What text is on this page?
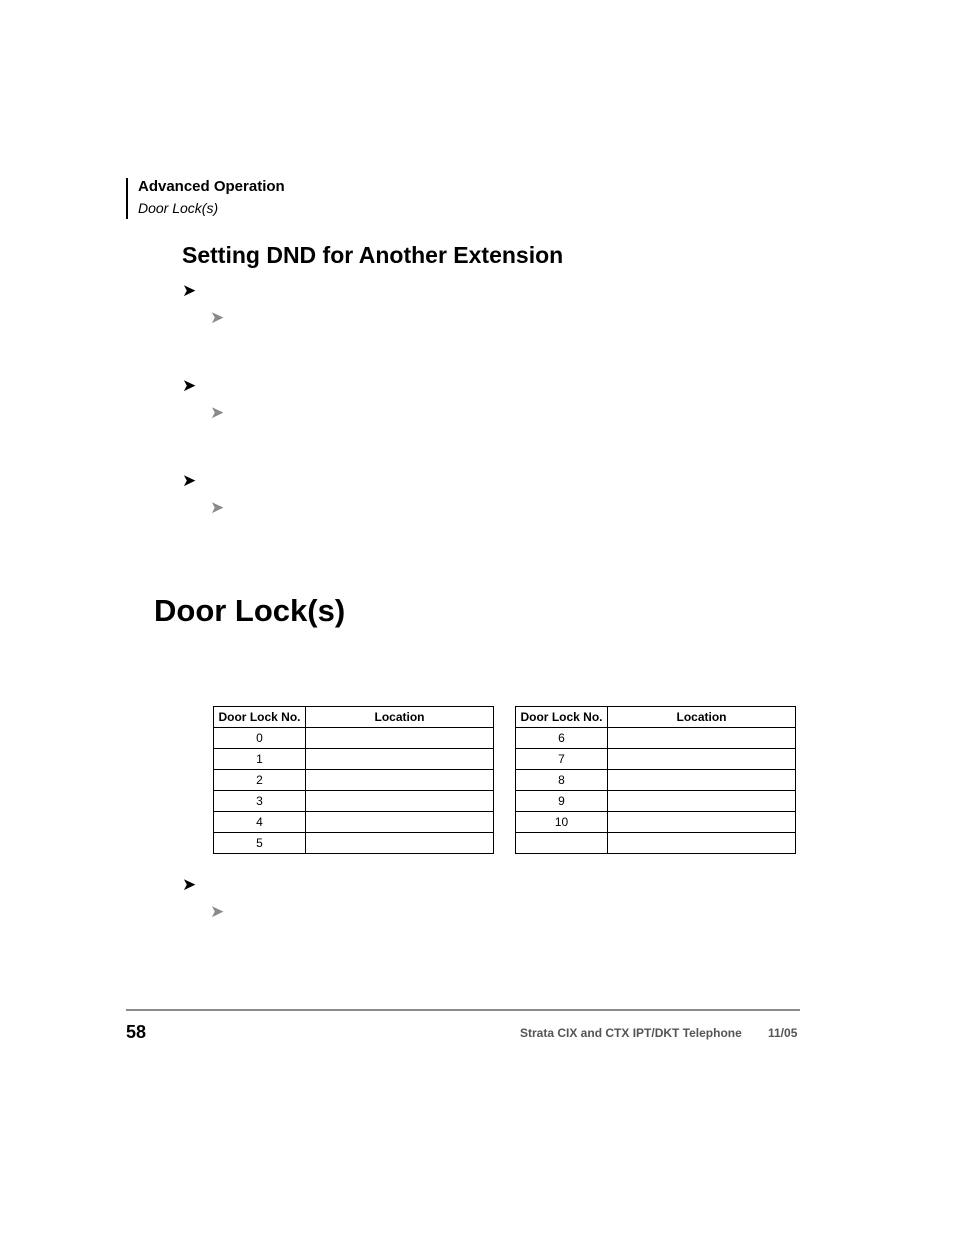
Advanced Operation
Door Lock(s)
Setting DND for Another Extension
➤
➤
➤
➤
➤
➤
Door Lock(s)
Door Lock No.	Location
0	
1	
2	
3	
4	
5	
Door Lock No.	Location
6	
7	
8	
9	
10	

➤
➤
58	Strata CIX and CTX IPT/DKT Telephone 11/05
